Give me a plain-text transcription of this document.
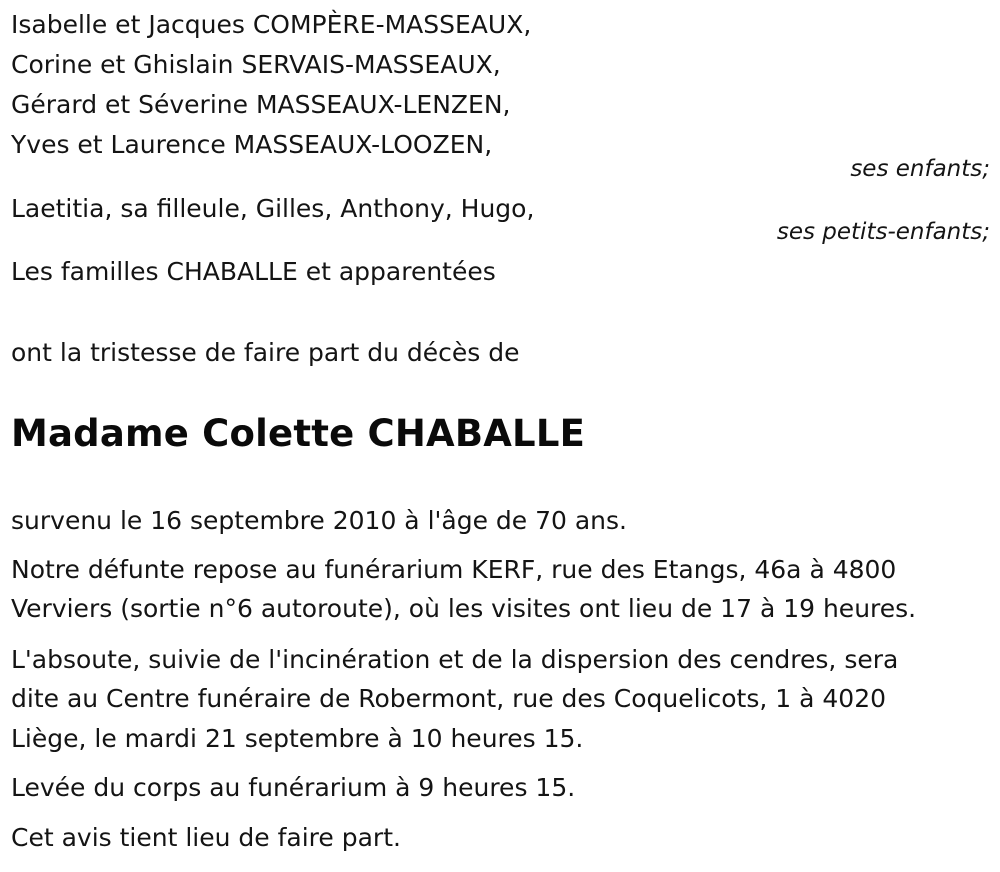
Isabelle et Jacques COMPÈRE-MASSEAUX,
Corine et Ghislain SERVAIS-MASSEAUX,
Gérard et Séverine MASSEAUX-LENZEN,
Yves et Laurence MASSEAUX-LOOZEN,
ses enfants;
Laetitia, sa filleule, Gilles, Anthony, Hugo,
ses petits-enfants;
Les familles CHABALLE et apparentées
ont la tristesse de faire part du décès de
Madame Colette CHABALLE
survenu le 16 septembre 2010 à l'âge de 70 ans.
Notre défunte repose au funérarium KERF, rue des Etangs, 46a à 4800
Verviers (sortie n°6 autoroute), où les visites ont lieu de 17 à 19 heures.
L'absoute, suivie de l'incinération et de la dispersion des cendres, sera
dite au Centre funéraire de Robermont, rue des Coquelicots, 1 à 4020
Liège, le mardi 21 septembre à 10 heures 15.
Levée du corps au funérarium à 9 heures 15.
Cet avis tient lieu de faire part.
